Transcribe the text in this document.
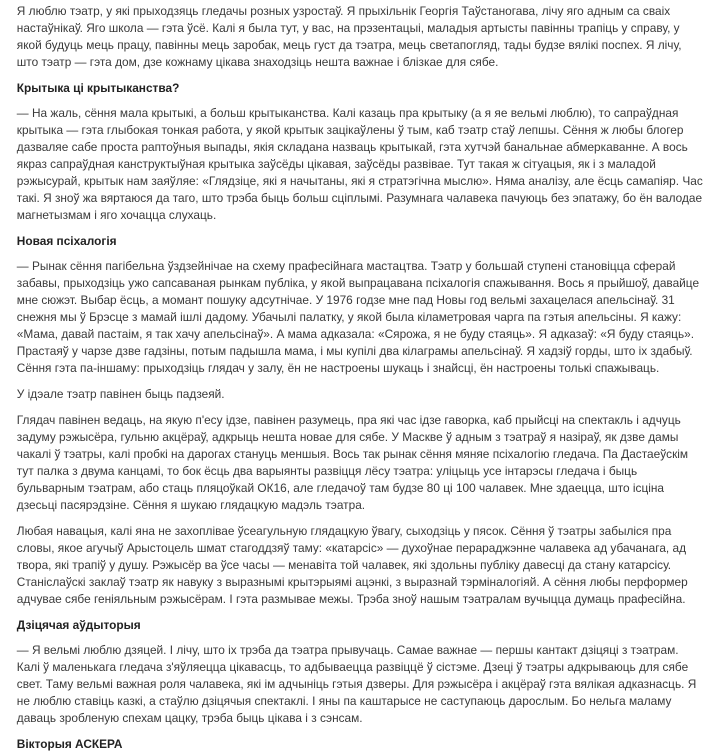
Я люблю тэатр, у які прыходзяць гледачы розных узростаў. Я прыхільнік Георгія Таўстаногава, лічу яго адным са сваіх настаўнікаў. Яго школа — гэта ўсё. Калі я была тут, у вас, на прэзентацыі, маладыя артысты павінны трапіць у справу, у якой будуць мець працу, павінны мець заробак, мець густ да тэатра, мець светапогляд, тады будзе вялікі поспех. Я лічу, што тэатр — гэта дом, дзе кожнаму цікава знаходзіць нешта важнае і блізкае для сябе.

Крытыка ці крытыканства?

— На жаль, сёння мала крытыкі, а больш крытыканства. Калі казаць пра крытыку (а я яе вельмі люблю), то сапраўдная крытыка — гэта глыбокая тонкая работа, у якой крытык зацікаўлены ў тым, каб тэатр стаў лепшы. Сёння ж любы блогер дазваляе сабе проста раптоўныя выпады, якія складана назваць крытыкай, гэта хутчэй банальнае абмеркаванне. А вось якраз сапраўдная канструктыўная крытыка заўсёды цікавая, заўсёды развівае. Тут такая ж сітуацыя, як і з маладой рэжысурай, крытык нам заяўляе: «Глядзіце, які я начытаны, які я стратэгічна мыслю». Няма аналізу, але ёсць самапіяр. Час такі. Я зноў жа вяртаюся да таго, што трэба быць больш сціплымі. Разумнага чалавека пачуюць без эпатажу, бо ён валодае магнетызмам і яго хочацца слухаць.

Новая псіхалогія

— Рынак сёння пагібельна ўздзейнічае на схему прафесійнага мастацтва. Тэатр у большай ступені становіцца сферай забавы, прыходзіць ужо сапсаваная рынкам публіка, у якой выпрацавана псіхалогія спажывання. Вось я прыйшоў, давайце мне сюжэт. Выбар ёсць, а момант пошуку адсутнічае. У 1976 годзе мне пад Новы год вельмі захацелася апельсінаў. 31 снежня мы ў Брэсце з мамай ішлі дадому. Убачылі палатку, у якой была кіламетровая чарга па гэтыя апельсіны. Я кажу: «Мама, давай пастаім, я так хачу апельсінаў». А мама адказала: «Сярожа, я не буду стаяць». Я адказаў: «Я буду стаяць». Прастаяў у чарзе дзве гадзіны, потым падышла мама, і мы купілі два кілаграмы апельсінаў. Я хадзіў горды, што іх здабыў. Сёння гэта па-іншаму: прыходзіць глядач у залу, ён не настроены шукаць і знайсці, ён настроены толькі спажываць.

У ідэале тэатр павінен быць падзеяй.

Глядач павінен ведаць, на якую п'есу ідзе, павінен разумець, пра які час ідзе гаворка, каб прыйсці на спектакль і адчуць задуму рэжысёра, гульню акцёраў, адкрыць нешта новае для сябе. У Маскве ў адным з тэатраў я назіраў, як дзве дамы чакалі ў тэатры, калі пробкі на дарогах стануць меншыя. Вось так рынак сёння мяняе псіхалогію гледача. Па Дастаеўскім тут палка з двума канцамі, то бок ёсць два варыянты развіцця лёсу тэатра: уліцыць усе інтарэсы гледача і быць бульварным тэатрам, або стаць пляцоўкай ОК16, але гледачоў там будзе 80 ці 100 чалавек. Мне здаецца, што ісціна дзесьці пасярэдзіне. Сёння я шукаю глядацкую мадэль тэатра.

Любая навацыя, калі яна не захоплівае ўсеагульную глядацкую ўвагу, сыходзіць у пясок. Сёння ў тэатры забыліся пра словы, якое агучыў Арыстоцель шмат стагоддзяў таму: «катарсіс» — духоўнае перараджэнне чалавека ад убачанага, ад твора, які трапіў у душу. Рэжысёр ва ўсе часы — менавіта той чалавек, які здольны публіку давесці да стану катарсісу. Станіслаўскі заклаў тэатр як навуку з выразнымі крытэрыямі ацэнкі, з выразнай тэрміналогіяй. А сёння любы перформер адчувае сябе геніяльным рэжысёрам. І гэта размывае межы. Трэба зноў нашым тэатралам вучыцца думаць прафесійна.

Дзіцячая аўдыторыя

— Я вельмі люблю дзяцей. І лічу, што іх трэба да тэатра прывучаць. Самае важнае — першы кантакт дзіцяці з тэатрам. Калі ў маленькага гледача з'яўляецца цікавасць, то адбываецца развіццё ў сістэме. Дзеці ў тэатры адкрываюць для сябе свет. Таму вельмі важная роля чалавека, які ім адчыніць гэтыя дзверы. Для рэжысёра і акцёраў гэта вялікая адказнасць. Я не люблю ставіць казкі, а стаўлю дзіцячыя спектаклі. І яны па каштарысе не саступаюць дарослым. Бо нельга маламу даваць зробленую спехам цацку, трэба быць цікава і з сэнсам.

Вікторыя АСКЕРА
